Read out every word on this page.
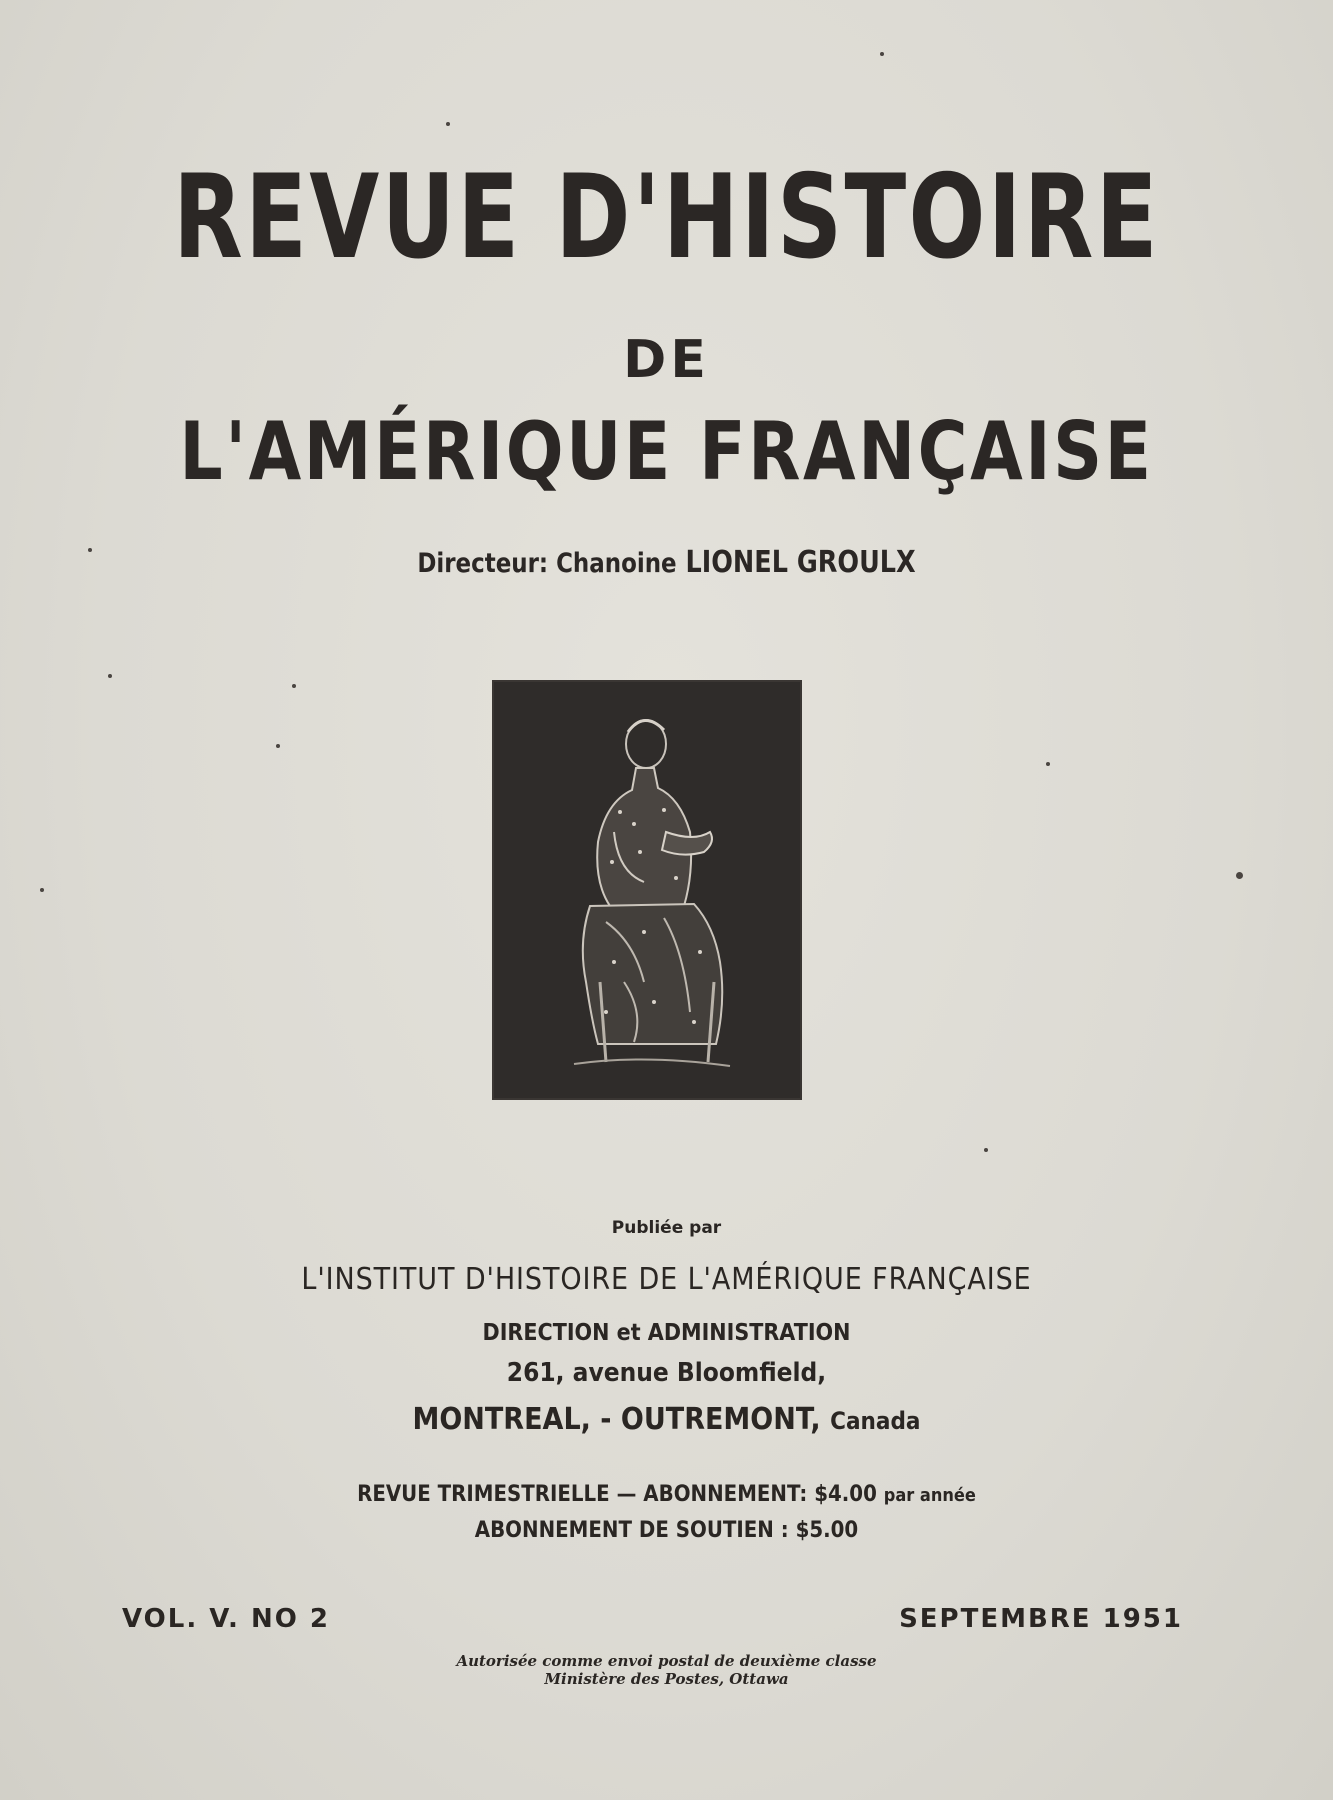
REVUE D'HISTOIRE
DE
L'AMÉRIQUE FRANÇAISE
Directeur: Chanoine LIONEL GROULX
Publiée par
L'INSTITUT D'HISTOIRE DE L'AMÉRIQUE FRANÇAISE
DIRECTION et ADMINISTRATION
261, avenue Bloomfield,
MONTREAL, - OUTREMONT, Canada
REVUE TRIMESTRIELLE — ABONNEMENT: $4.00 par année
ABONNEMENT DE SOUTIEN : $5.00
VOL. V. NO 2	SEPTEMBRE 1951
Autorisée comme envoi postal de deuxième classe
Ministère des Postes, Ottawa
